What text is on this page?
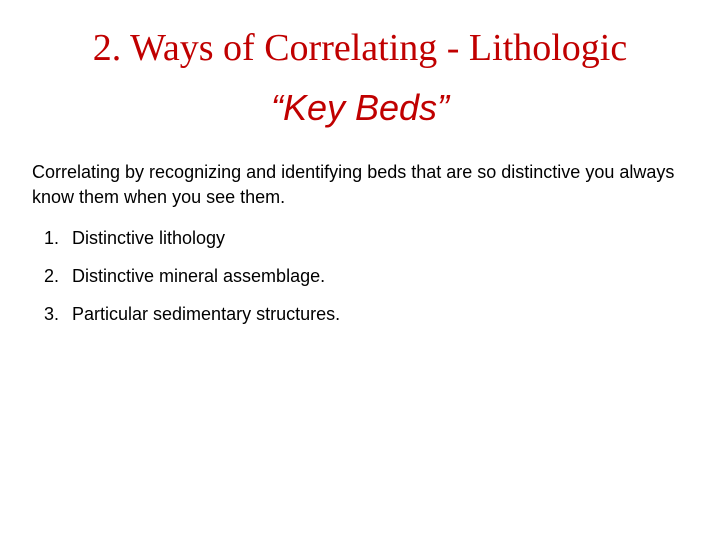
2. Ways of Correlating - Lithologic
“Key Beds”
Correlating by recognizing and identifying beds that are so distinctive you always know them when you see them.
1. Distinctive lithology
2. Distinctive mineral assemblage.
3. Particular sedimentary structures.
